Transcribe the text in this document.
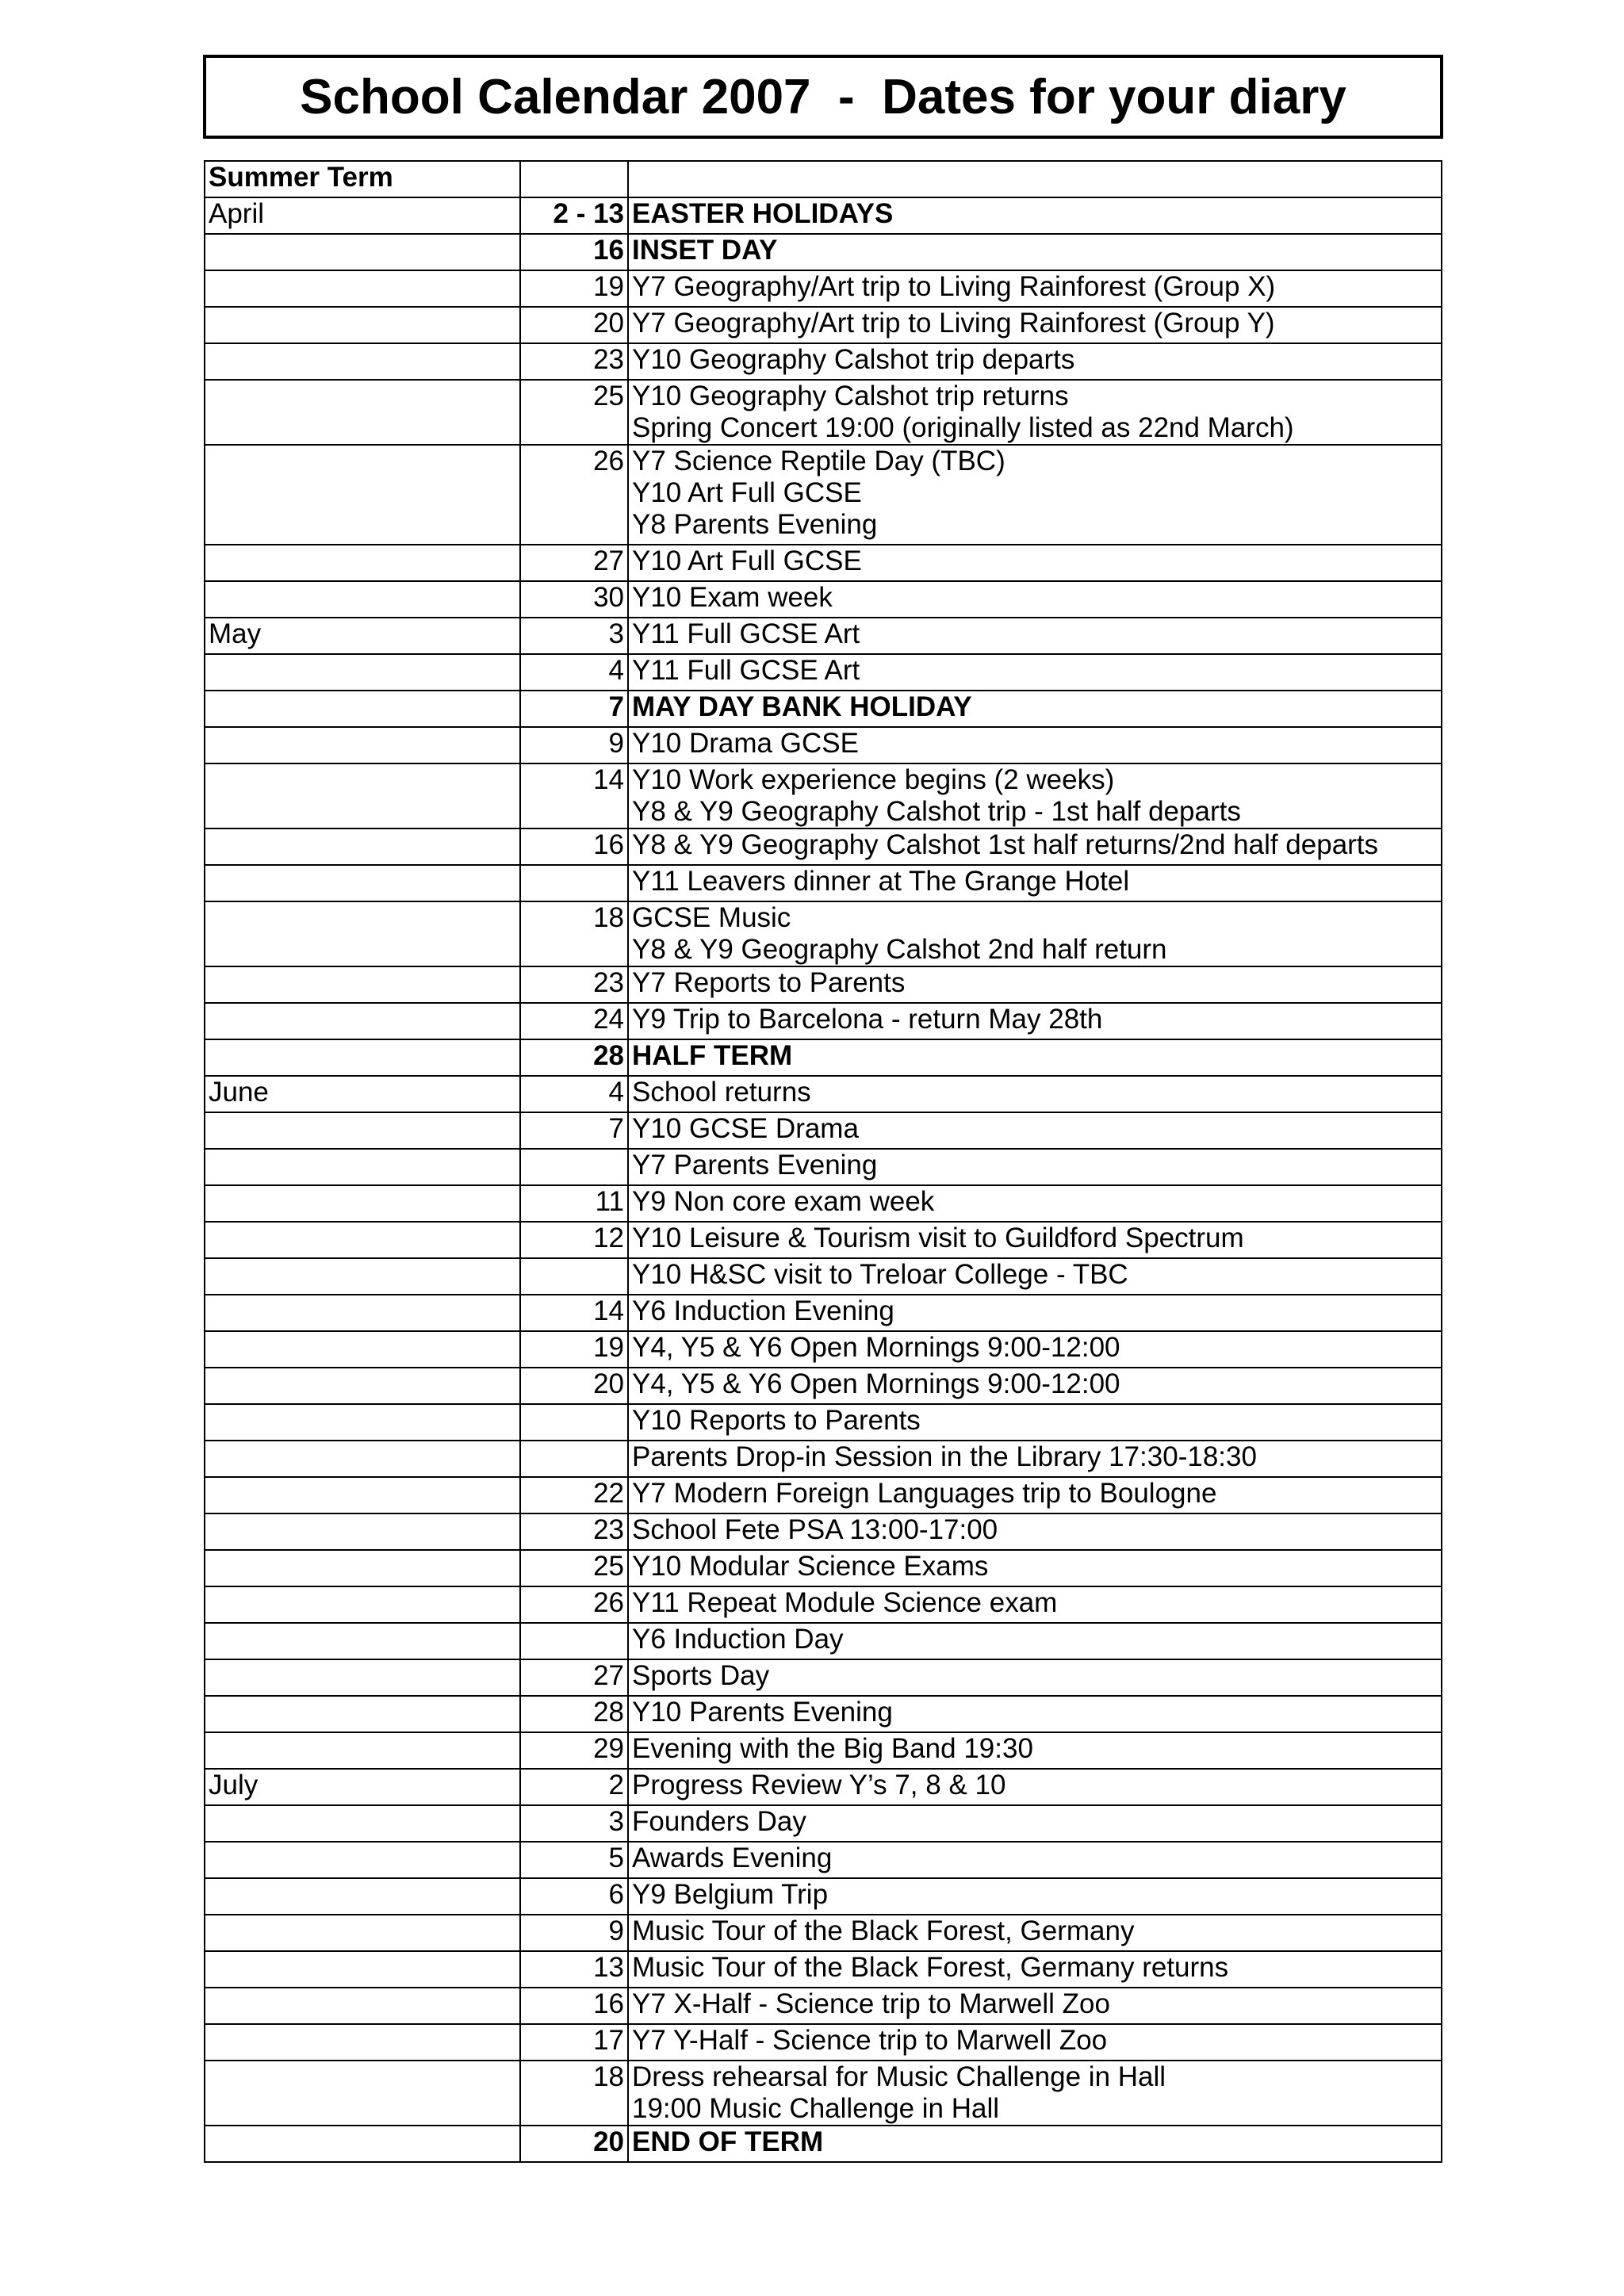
School Calendar 2007  -  Dates for your diary
Summer Term		
April	2 - 13	EASTER HOLIDAYS

	16	INSET DAY

	19	Y7 Geography/Art trip to Living Rainforest (Group X)

	20	Y7 Geography/Art trip to Living Rainforest (Group Y)

	23	Y10 Geography Calshot trip departs

	25	Y10 Geography Calshot trip returns
Spring Concert 19:00 (originally listed as 22nd March)

	26	Y7 Science Reptile Day (TBC)
Y10 Art Full GCSE
Y8 Parents Evening

	27	Y10 Art Full GCSE

	30	Y10 Exam week

May	3	Y11 Full GCSE Art

	4	Y11 Full GCSE Art

	7	MAY DAY BANK HOLIDAY

	9	Y10 Drama GCSE

	14	Y10 Work experience begins (2 weeks)
Y8 & Y9 Geography Calshot trip - 1st half departs

	16	Y8 & Y9 Geography Calshot 1st half returns/2nd half departs

		Y11 Leavers dinner at The Grange Hotel

	18	GCSE Music
Y8 & Y9 Geography Calshot 2nd half return

	23	Y7 Reports to Parents

	24	Y9 Trip to Barcelona - return May 28th

	28	HALF TERM

June	4	School returns

	7	Y10 GCSE Drama

		Y7 Parents Evening

	11	Y9 Non core exam week

	12	Y10 Leisure & Tourism visit to Guildford Spectrum

		Y10 H&SC visit to Treloar College - TBC

	14	Y6 Induction Evening

	19	Y4, Y5 & Y6 Open Mornings 9:00-12:00

	20	Y4, Y5 & Y6 Open Mornings 9:00-12:00

		Y10 Reports to Parents

		Parents Drop-in Session in the Library 17:30-18:30

	22	Y7 Modern Foreign Languages trip to Boulogne

	23	School Fete PSA 13:00-17:00

	25	Y10 Modular Science Exams

	26	Y11 Repeat Module Science exam

		Y6 Induction Day

	27	Sports Day

	28	Y10 Parents Evening

	29	Evening with the Big Band 19:30

July	2	Progress Review Y’s 7, 8 & 10

	3	Founders Day

	5	Awards Evening

	6	Y9 Belgium Trip

	9	Music Tour of the Black Forest, Germany

	13	Music Tour of the Black Forest, Germany returns

	16	Y7 X-Half - Science trip to Marwell Zoo

	17	Y7 Y-Half - Science trip to Marwell Zoo

	18	Dress rehearsal for Music Challenge in Hall
19:00 Music Challenge in Hall

	20	END OF TERM
